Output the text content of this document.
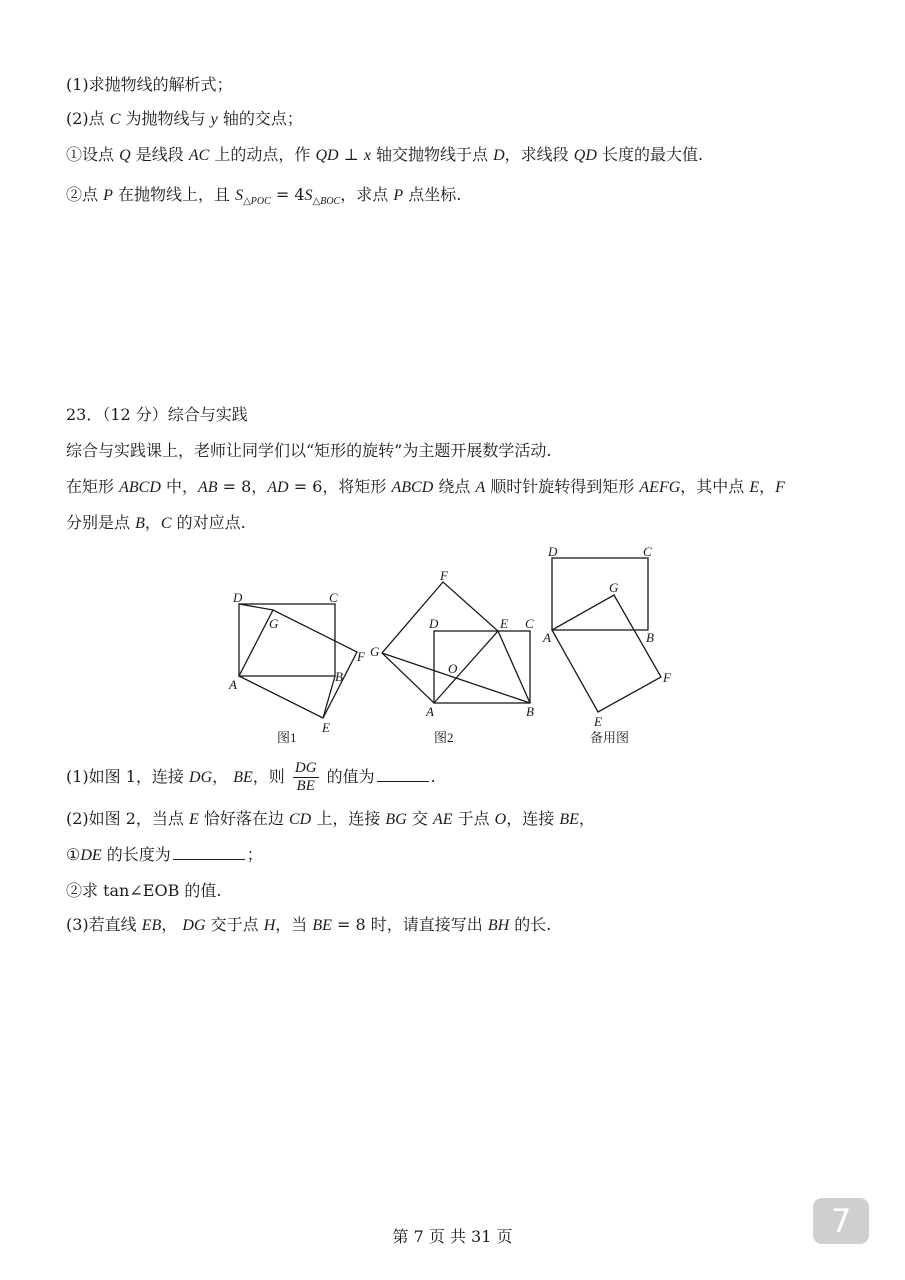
(1)求抛物线的解析式；
(2)点 C 为抛物线与 y 轴的交点；
①设点 Q 是线段 AC 上的动点，作 QD ⊥ x 轴交抛物线于点 D，求线段 QD 长度的最大值.
②点 P 在抛物线上，且 $S_{\triangle POC} = 4S_{\triangle BOC}$，求点 P 点坐标.
23．（12 分）综合与实践
综合与实践课上，老师让同学们以“矩形的旋转”为主题开展数学活动.
在矩形 ABCD 中，AB = 8，AD = 6，将矩形 ABCD 绕点 A 顺时针旋转得到矩形 AEFG，其中点 E，F
分别是点 B，C 的对应点.
D	C
G
F
A
B
E
图1
F
D	E C
G
O
A	B
图2
D	C
G
A	B
F
E
备用图
(1)如图 1，连接 DG， BE，则 $\frac{DG}{BE}$ 的值为	.
(2)如图 2，当点 E 恰好落在边 CD 上，连接 BG 交 AE 于点 O，连接 BE，
①DE 的长度为	；
②求 tan∠EOB 的值.
(3)若直线 EB， DG 交于点 H，当 BE = 8 时，请直接写出 BH 的长.
第 7 页 共 31 页	7
